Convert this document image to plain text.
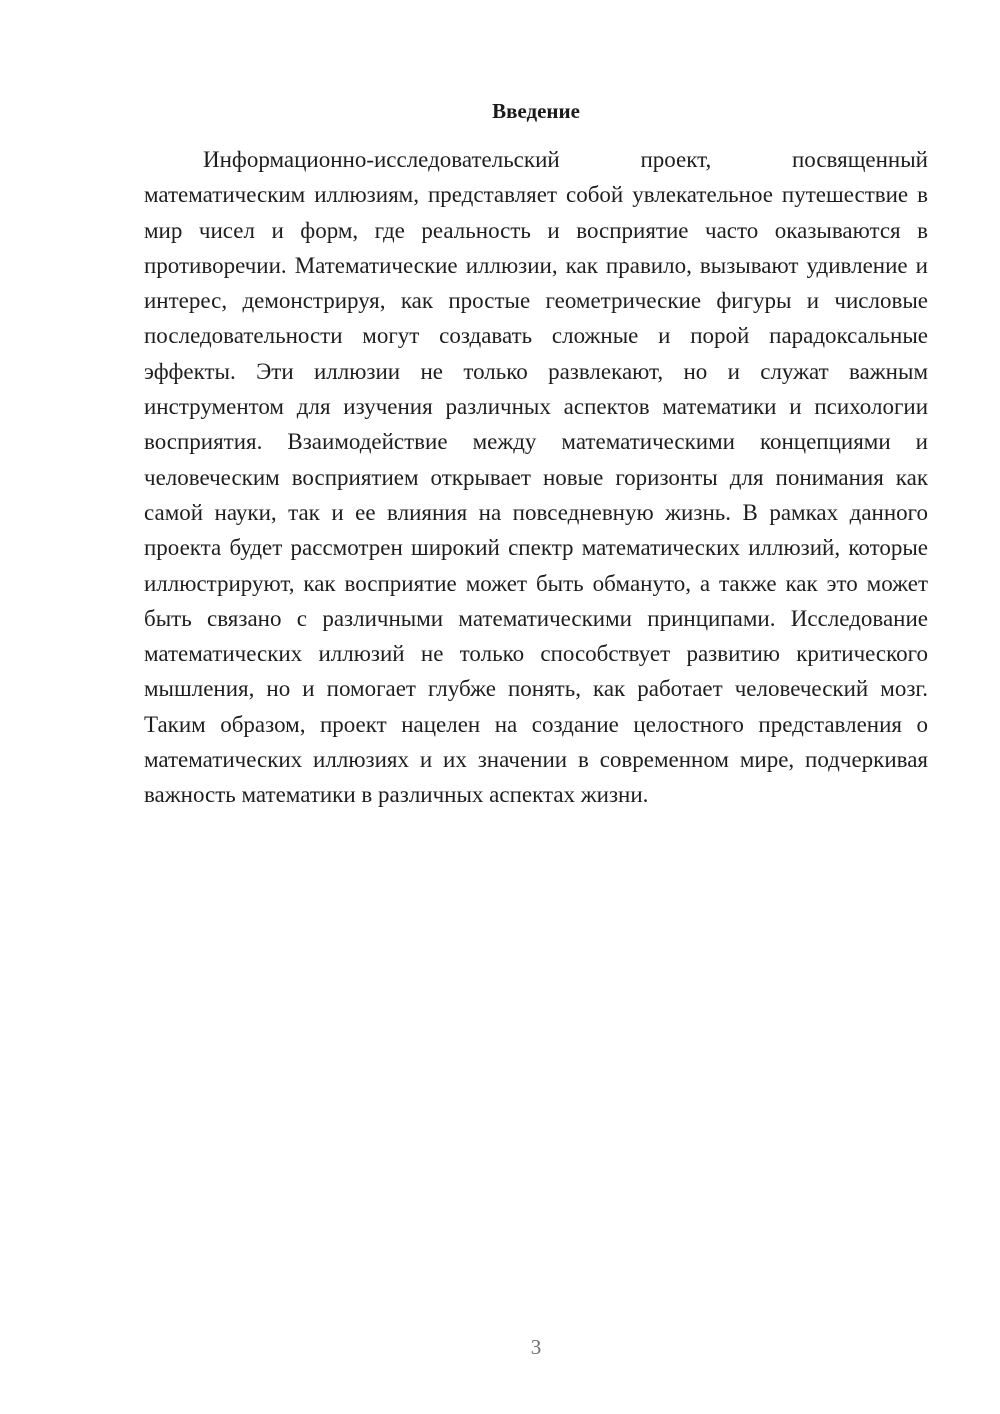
Введение

Информационно-исследовательский проект, посвященный математическим иллюзиям, представляет собой увлекательное путешествие в мир чисел и форм, где реальность и восприятие часто оказываются в противоречии. Математические иллюзии, как правило, вызывают удивление и интерес, демонстрируя, как простые геометрические фигуры и числовые последовательности могут создавать сложные и порой парадоксальные эффекты. Эти иллюзии не только развлекают, но и служат важным инструментом для изучения различных аспектов математики и психологии восприятия. Взаимодействие между математическими концепциями и человеческим восприятием открывает новые горизонты для понимания как самой науки, так и ее влияния на повседневную жизнь. В рамках данного проекта будет рассмотрен широкий спектр математических иллюзий, которые иллюстрируют, как восприятие может быть обмануто, а также как это может быть связано с различными математическими принципами. Исследование математических иллюзий не только способствует развитию критического мышления, но и помогает глубже понять, как работает человеческий мозг. Таким образом, проект нацелен на создание целостного представления о математических иллюзиях и их значении в современном мире, подчеркивая важность математики в различных аспектах жизни.

3
